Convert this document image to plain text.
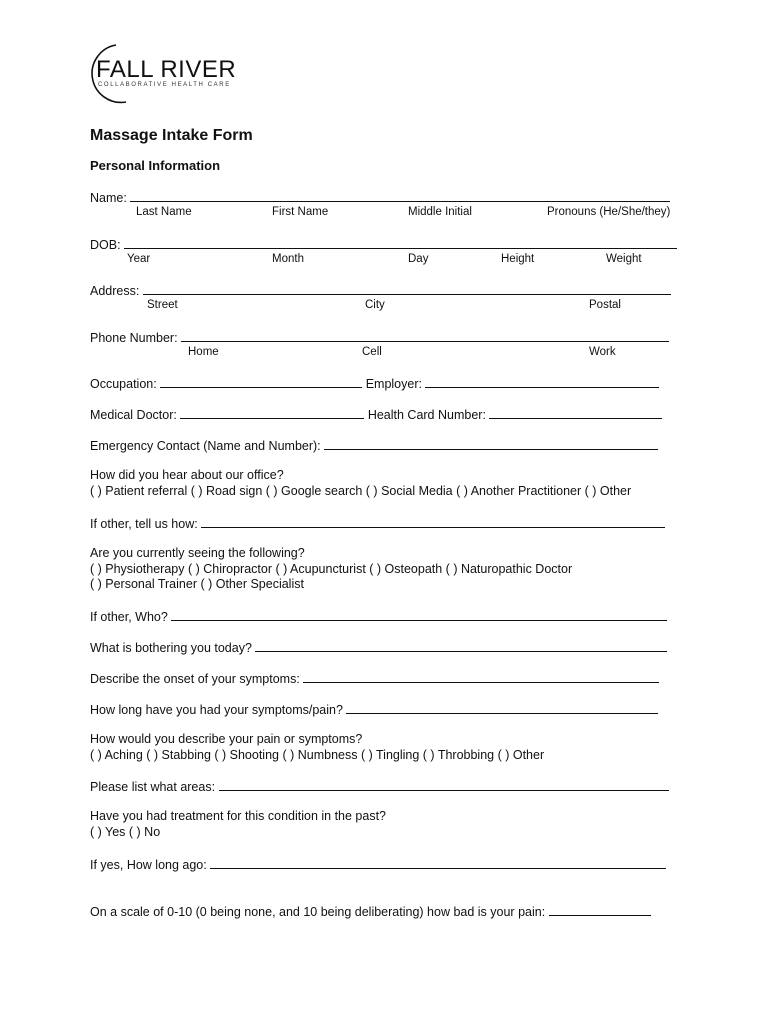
FALL RIVER
COLLABORATIVE HEALTH CARE
Massage Intake Form
Personal Information
Name:
Last Name	First Name	Middle Initial	Pronouns (He/She/they)
DOB:
Year	Month	Day	Height	Weight
Address:
Street	City	Postal
Phone Number:
Home	Cell	Work
Occupation:	Employer:
Medical Doctor:	Health Card Number:
Emergency Contact (Name and Number):
How did you hear about our office?
( ) Patient referral ( ) Road sign ( ) Google search ( ) Social Media ( ) Another Practitioner ( ) Other
If other, tell us how:
Are you currently seeing the following?
( ) Physiotherapy ( ) Chiropractor ( ) Acupuncturist ( ) Osteopath ( ) Naturopathic Doctor
( ) Personal Trainer ( ) Other Specialist
If other, Who?
What is bothering you today?
Describe the onset of your symptoms:
How long have you had your symptoms/pain?
How would you describe your pain or symptoms?
( ) Aching ( ) Stabbing ( ) Shooting ( ) Numbness ( ) Tingling ( ) Throbbing ( ) Other
Please list what areas:
Have you had treatment for this condition in the past?
( ) Yes ( ) No
If yes, How long ago:
On a scale of 0-10 (0 being none, and 10 being deliberating) how bad is your pain:
